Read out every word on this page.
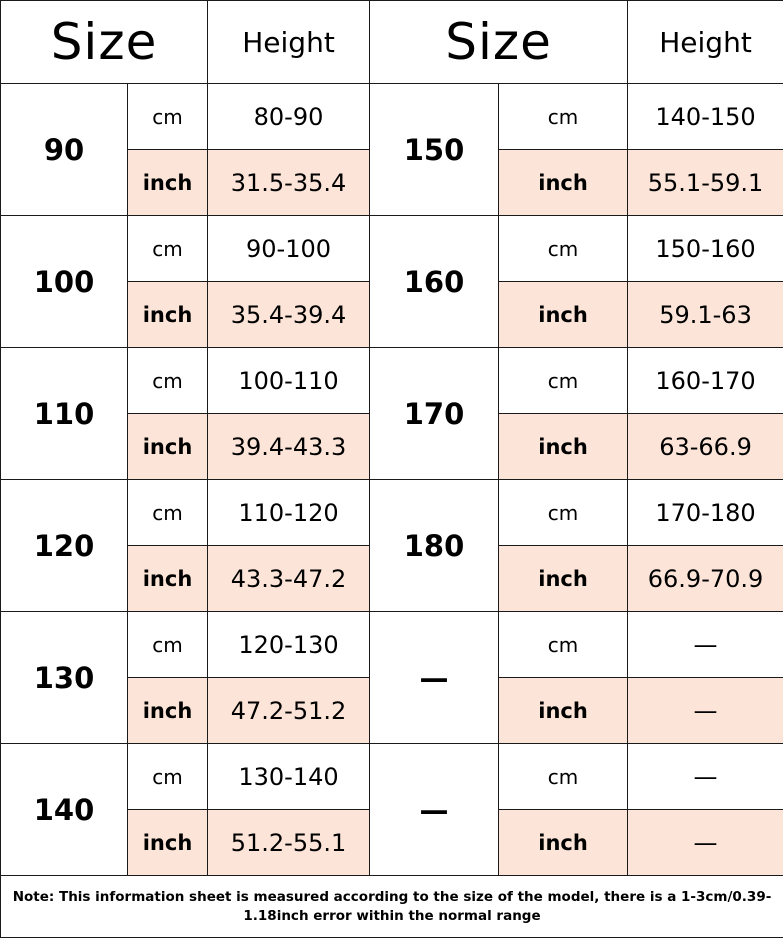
Size		Height	Size		Height
90	cm	80-90	150	cm	140-150
	inch	31.5-35.4		inch	55.1-59.1
100	cm	90-100	160	cm	150-160
	inch	35.4-39.4		inch	59.1-63
110	cm	100-110	170	cm	160-170
	inch	39.4-43.3		inch	63-66.9
120	cm	110-120	180	cm	170-180
	inch	43.3-47.2		inch	66.9-70.9
130	cm	120-130	—	cm	—
	inch	47.2-51.2		inch	—
140	cm	130-140	—	cm	—
	inch	51.2-55.1		inch	—
Note: This information sheet is measured according to the size of the model, there is a 1-3cm/0.39-1.18inch error within the normal range					
